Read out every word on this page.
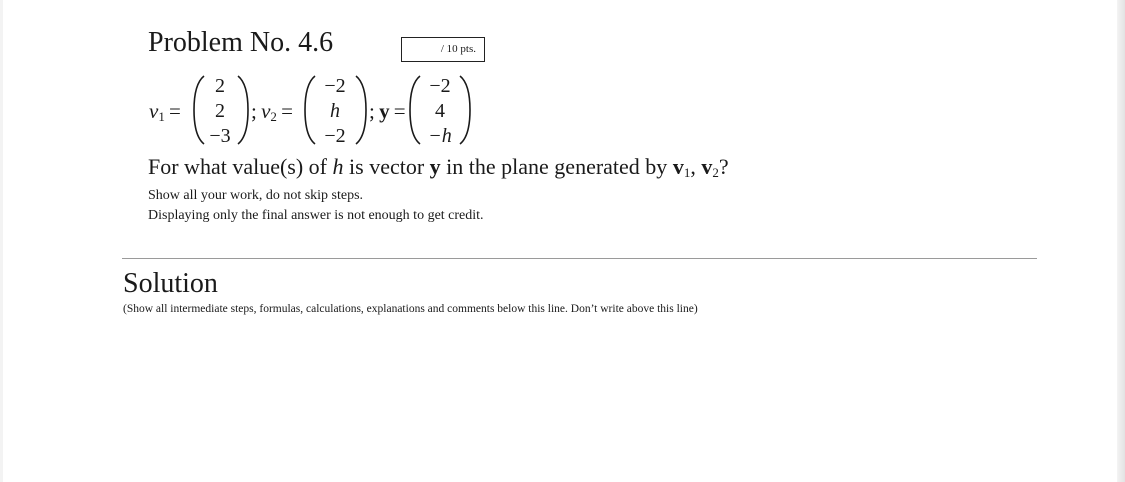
Problem No. 4.6	/ 10 pts.
$v_1$  =
2
2
−3
;  $v_2$  =
−2
h
−2
;  y  =
−2
4
−h
For what value(s) of h is vector y in the plane generated by $v_1$, $v_2$?
Show all your work, do not skip steps.
Displaying only the final answer is not enough to get credit.
Solution
(Show all intermediate steps, formulas, calculations, explanations and comments below this line. Don’t write above this line)
